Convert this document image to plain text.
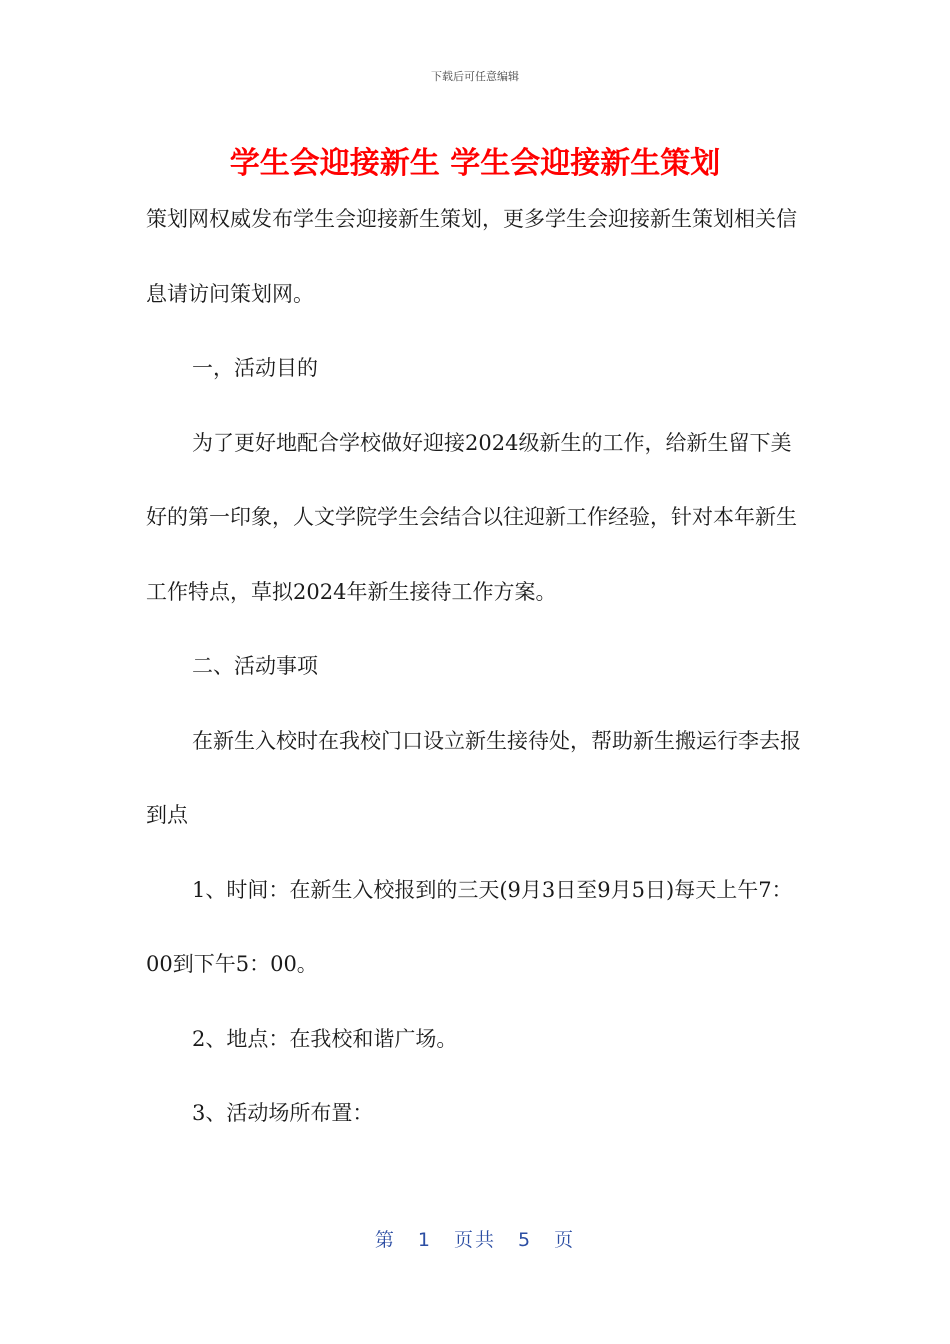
下载后可任意编辑
学生会迎接新生 学生会迎接新生策划

策划网权威发布学生会迎接新生策划，更多学生会迎接新生策划相关信息请访问策划网。

一，活动目的

为了更好地配合学校做好迎接2024级新生的工作，给新生留下美好的第一印象，人文学院学生会结合以往迎新工作经验，针对本年新生工作特点，草拟2024年新生接待工作方案。

二、活动事项

在新生入校时在我校门口设立新生接待处，帮助新生搬运行李去报到点

1、时间：在新生入校报到的三天(9月3日至9月5日)每天上午7：00到下午5：00。

2、地点：在我校和谐广场。

3、活动场所布置：

第 1 页共 5 页
